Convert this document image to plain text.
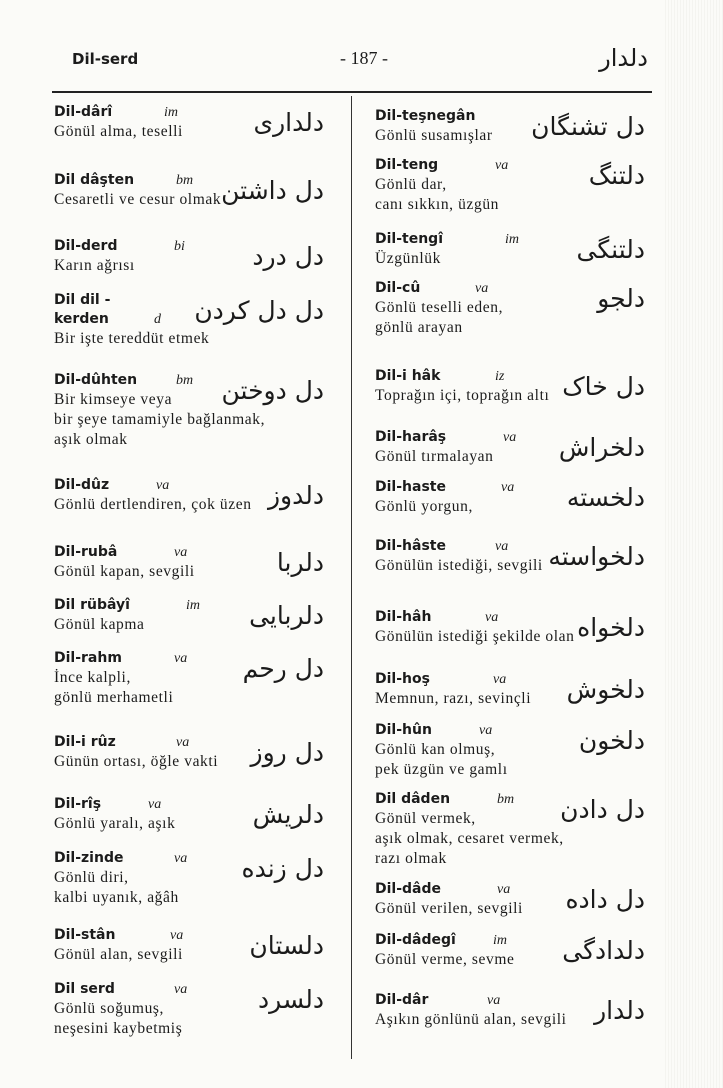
Dil-serd	- 187 -	دلدار
Dil-dârî	im	دلداری
Gönül alma, teselli
Dil dâşten	bm دل داشتن
Cesaretli ve cesur olmak
Dil-derd	bi	دل درد
Karın ağrısı
Dil dil -
kerden	d دل دل کردن
Bir işte tereddüt etmek
Dil-dûhten	bm دل دوختن
Bir kimseye veya
bir şeye tamamiyle bağlanmak,
aşık olmak
Dil-dûz	va	دلدوز
Gönlü dertlendiren, çok üzen
Dil-rubâ	va	دلربا
Gönül kapan, sevgili
Dil rübâyî	im دلربایی
Gönül kapma
Dil-rahm	va دل رحم
İnce kalpli,
gönlü merhametli
Dil-i rûz	va دل روز
Günün ortası, öğle vakti
Dil-rîş	va	دلریش
Gönlü yaralı, aşık
Dil-zinde	va دل زنده
Gönlü diri,
kalbi uyanık, ağâh
Dil-stân	va	دلستان
Gönül alan, sevgili
Dil serd	va	دلسرد
Gönlü soğumuş,
neşesini kaybetmiş
Dil-teşnegân	دل تشنگان
Gönlü susamışlar
Dil-teng	va	دلتنگ
Gönlü dar,
canı sıkkın, üzgün
Dil-tengî	im دلتنگی
Üzgünlük
Dil-cû	va	دلجو
Gönlü teselli eden,
gönlü arayan
Dil-i hâk	iz دل خاک
Toprağın içi, toprağın altı
Dil-harâş	va دلخراش
Gönül tırmalayan
Dil-haste	va دلخسته
Gönlü yorgun,
Dil-hâste	va دلخواسته
Gönülün istediği, sevgili
Dil-hâh	va	دلخواه
Gönülün istediği şekilde olan
Dil-hoş	va دلخوش
Memnun, razı, sevinçli
Dil-hûn	va	دلخون
Gönlü kan olmuş,
pek üzgün ve gamlı
Dil dâden	bm دل دادن
Gönül vermek,
aşık olmak, cesaret vermek,
razı olmak
Dil-dâde	va دل داده
Gönül verilen, sevgili
Dil-dâdegî	im دلدادگی
Gönül verme, sevme
Dil-dâr	va	دلدار
Aşıkın gönlünü alan, sevgili
